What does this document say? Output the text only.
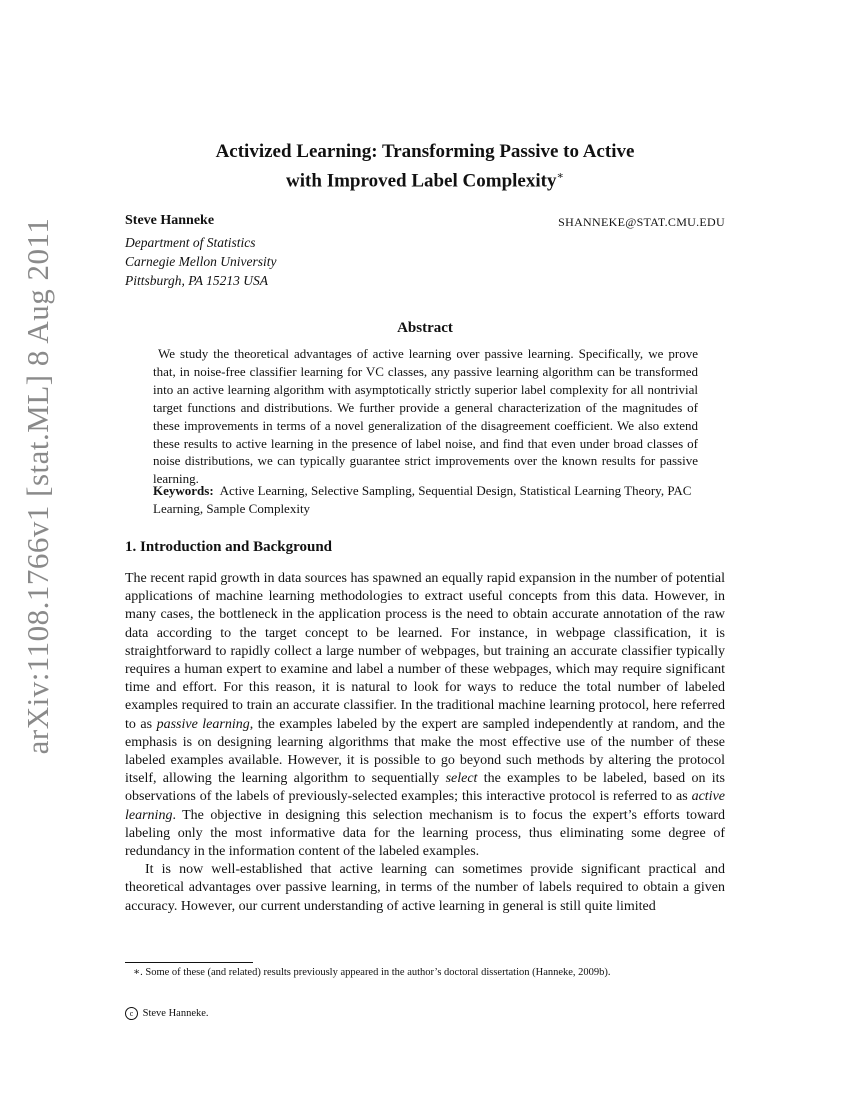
arXiv:1108.1766v1 [stat.ML] 8 Aug 2011
Activized Learning: Transforming Passive to Active
with Improved Label Complexity∗
Steve Hanneke	SHANNEKE@STAT.CMU.EDU
Department of Statistics
Carnegie Mellon University
Pittsburgh, PA 15213 USA
Abstract

We study the theoretical advantages of active learning over passive learning. Specifically, we prove that, in noise-free classifier learning for VC classes, any passive learning algorithm can be transformed into an active learning algorithm with asymptotically strictly superior label complexity for all nontrivial target functions and distributions. We further provide a general characterization of the magnitudes of these improvements in terms of a novel generalization of the disagreement coefficient. We also extend these results to active learning in the presence of label noise, and find that even under broad classes of noise distributions, we can typically guarantee strict improvements over the known results for passive learning.

Keywords: Active Learning, Selective Sampling, Sequential Design, Statistical Learning Theory, PAC Learning, Sample Complexity
1. Introduction and Background

The recent rapid growth in data sources has spawned an equally rapid expansion in the number of potential applications of machine learning methodologies to extract useful concepts from this data. However, in many cases, the bottleneck in the application process is the need to obtain accurate annotation of the raw data according to the target concept to be learned. For instance, in webpage classification, it is straightforward to rapidly collect a large number of webpages, but training an accurate classifier typically requires a human expert to examine and label a number of these webpages, which may require significant time and effort. For this reason, it is natural to look for ways to reduce the total number of labeled examples required to train an accurate classifier. In the traditional machine learning protocol, here referred to as passive learning, the examples labeled by the expert are sampled independently at random, and the emphasis is on designing learning algorithms that make the most effective use of the number of these labeled examples available. However, it is possible to go beyond such methods by altering the protocol itself, allowing the learning algorithm to sequentially select the examples to be labeled, based on its observations of the labels of previously-selected examples; this interactive protocol is referred to as active learning. The objective in designing this selection mechanism is to focus the expert’s efforts toward labeling only the most informative data for the learning process, thus eliminating some degree of redundancy in the information content of the labeled examples.

It is now well-established that active learning can sometimes provide significant practical and theoretical advantages over passive learning, in terms of the number of labels required to obtain a given accuracy. However, our current understanding of active learning in general is still quite limited

∗. Some of these (and related) results previously appeared in the author’s doctoral dissertation (Hanneke, 2009b).
c Steve Hanneke.
